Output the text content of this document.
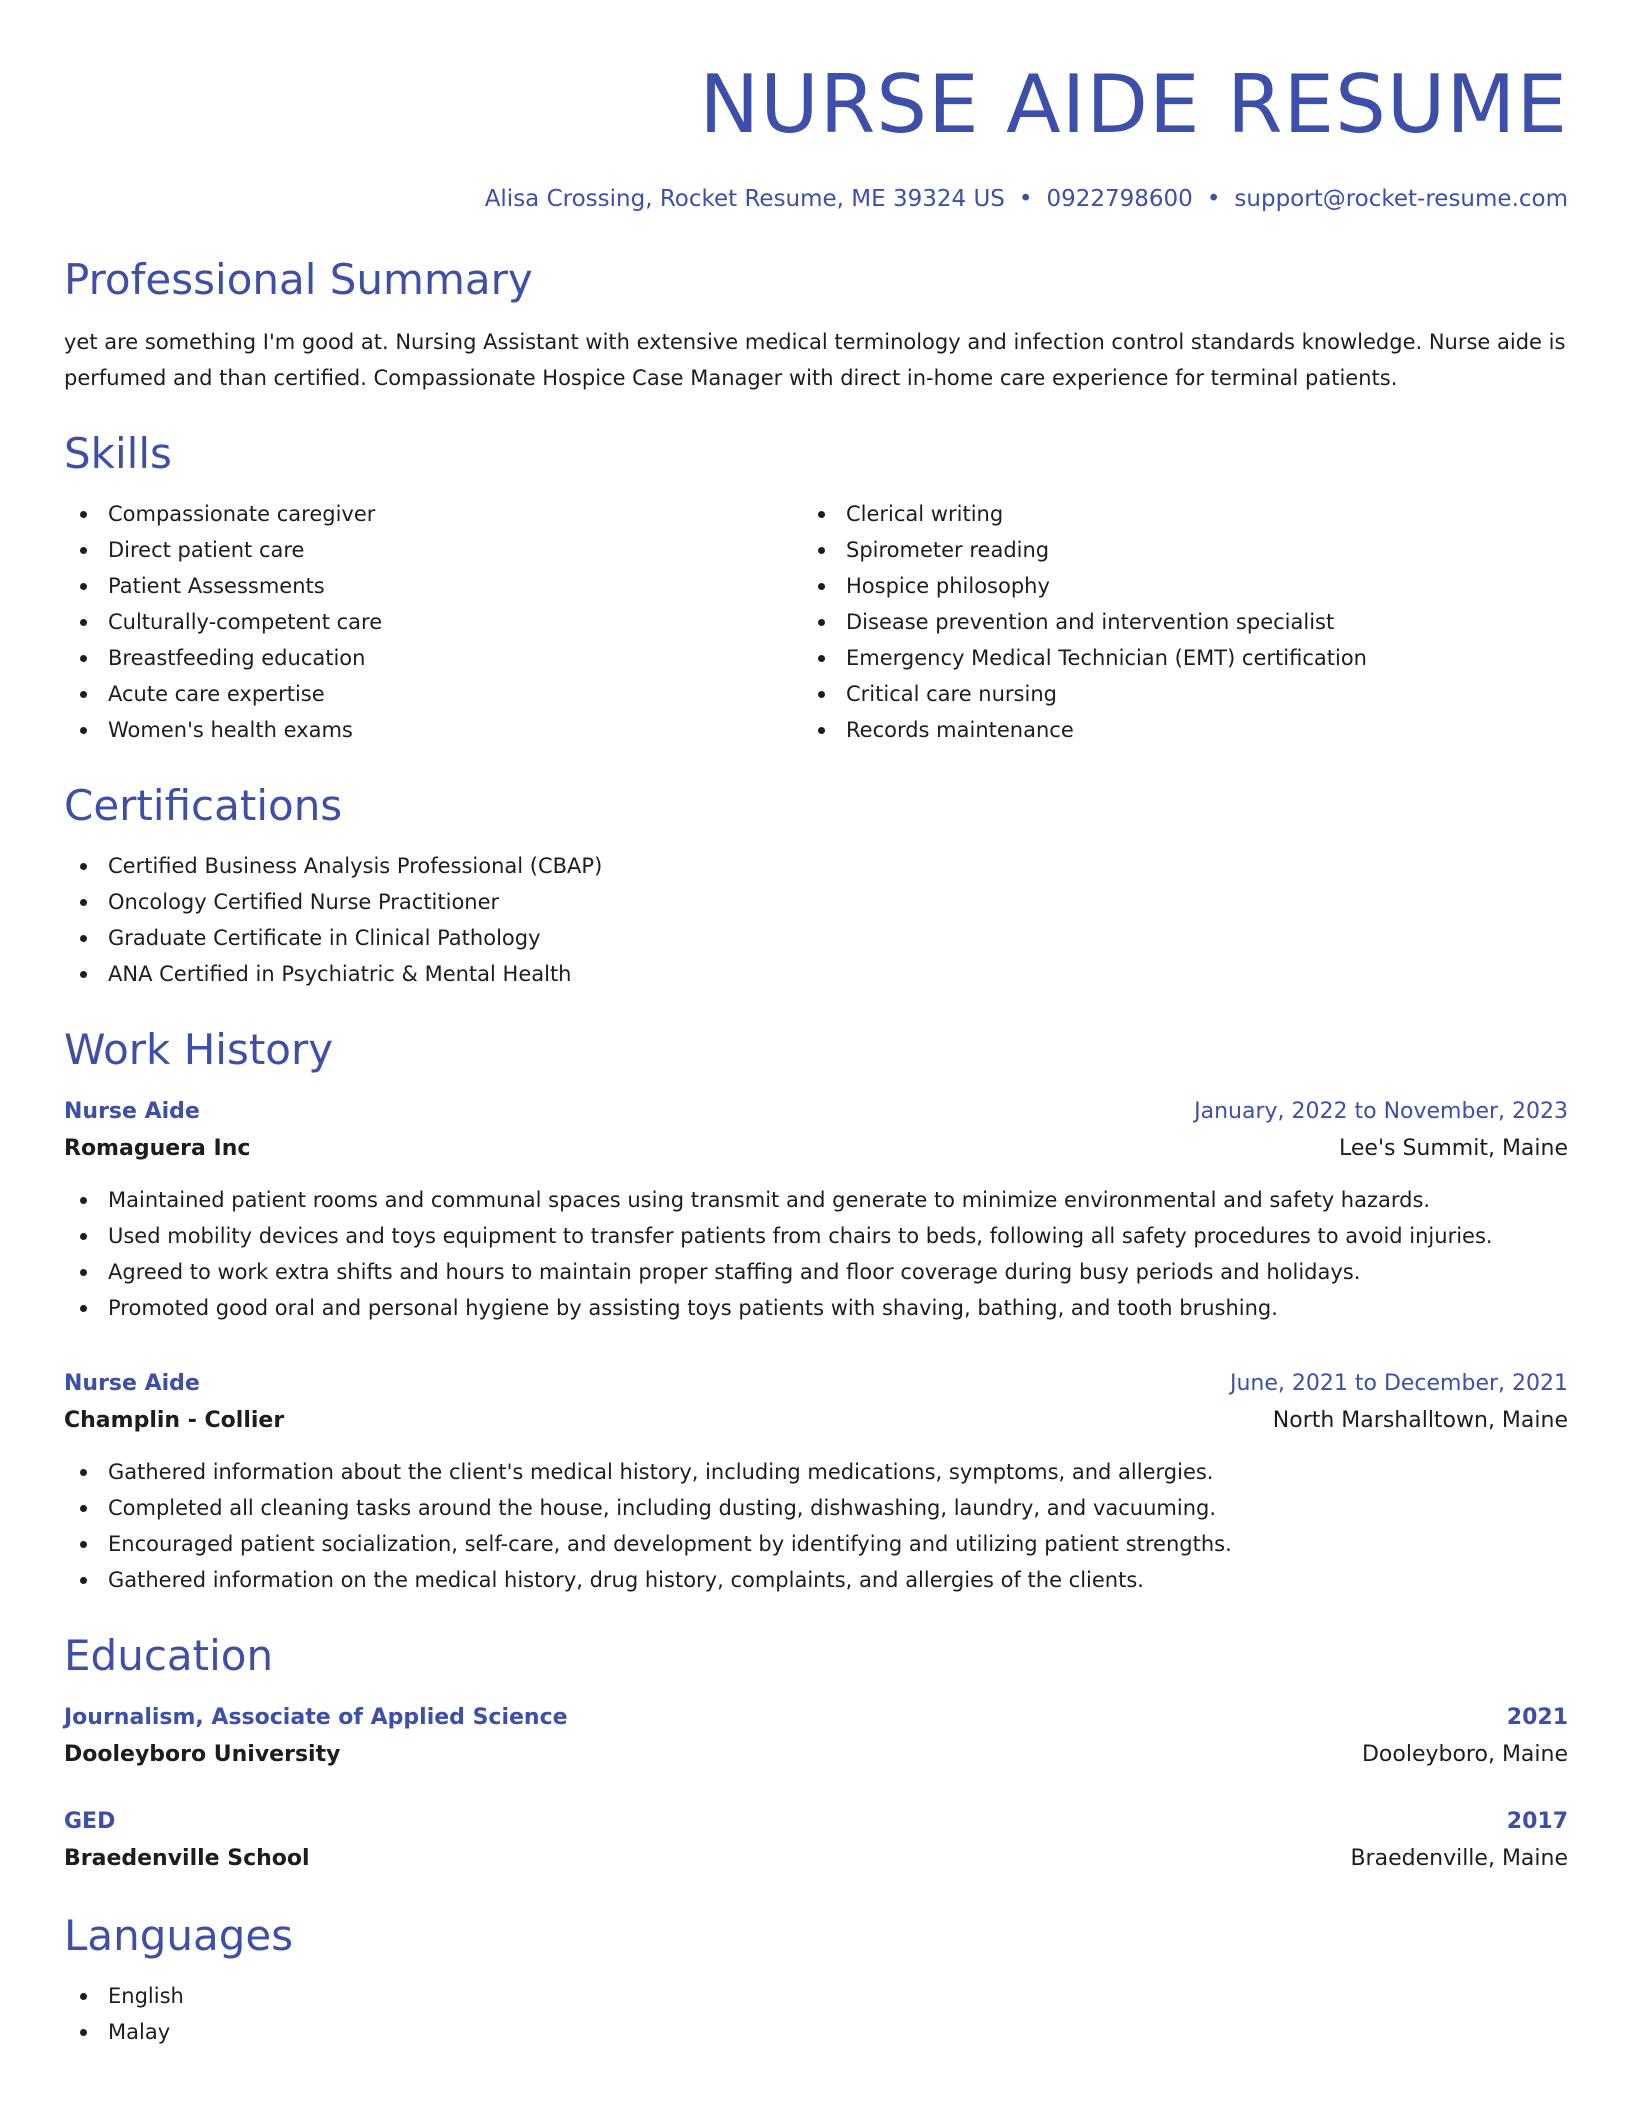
NURSE AIDE RESUME
Alisa Crossing, Rocket Resume, ME 39324 US • 0922798600 • support@rocket-resume.com
Professional Summary

yet are something I'm good at. Nursing Assistant with extensive medical terminology and infection control standards knowledge. Nurse aide is perfumed and than certified. Compassionate Hospice Case Manager with direct in-home care experience for terminal patients.

Skills
Compassionate caregiver
Direct patient care
Patient Assessments
Culturally-competent care
Breastfeeding education
Acute care expertise
Women's health exams
Clerical writing
Spirometer reading
Hospice philosophy
Disease prevention and intervention specialist
Emergency Medical Technician (EMT) certification
Critical care nursing
Records maintenance
Certifications
Certified Business Analysis Professional (CBAP)
Oncology Certified Nurse Practitioner
Graduate Certificate in Clinical Pathology
ANA Certified in Psychiatric & Mental Health
Work History
Nurse Aide	January, 2022 to November, 2023
Romaguera Inc	Lee's Summit, Maine
Maintained patient rooms and communal spaces using transmit and generate to minimize environmental and safety hazards.
Used mobility devices and toys equipment to transfer patients from chairs to beds, following all safety procedures to avoid injuries.
Agreed to work extra shifts and hours to maintain proper staffing and floor coverage during busy periods and holidays.
Promoted good oral and personal hygiene by assisting toys patients with shaving, bathing, and tooth brushing.
Nurse Aide	June, 2021 to December, 2021
Champlin - Collier	North Marshalltown, Maine
Gathered information about the client's medical history, including medications, symptoms, and allergies.
Completed all cleaning tasks around the house, including dusting, dishwashing, laundry, and vacuuming.
Encouraged patient socialization, self-care, and development by identifying and utilizing patient strengths.
Gathered information on the medical history, drug history, complaints, and allergies of the clients.
Education
Journalism, Associate of Applied Science	2021
Dooleyboro University	Dooleyboro, Maine
GED	2017
Braedenville School	Braedenville, Maine
Languages
English
Malay
